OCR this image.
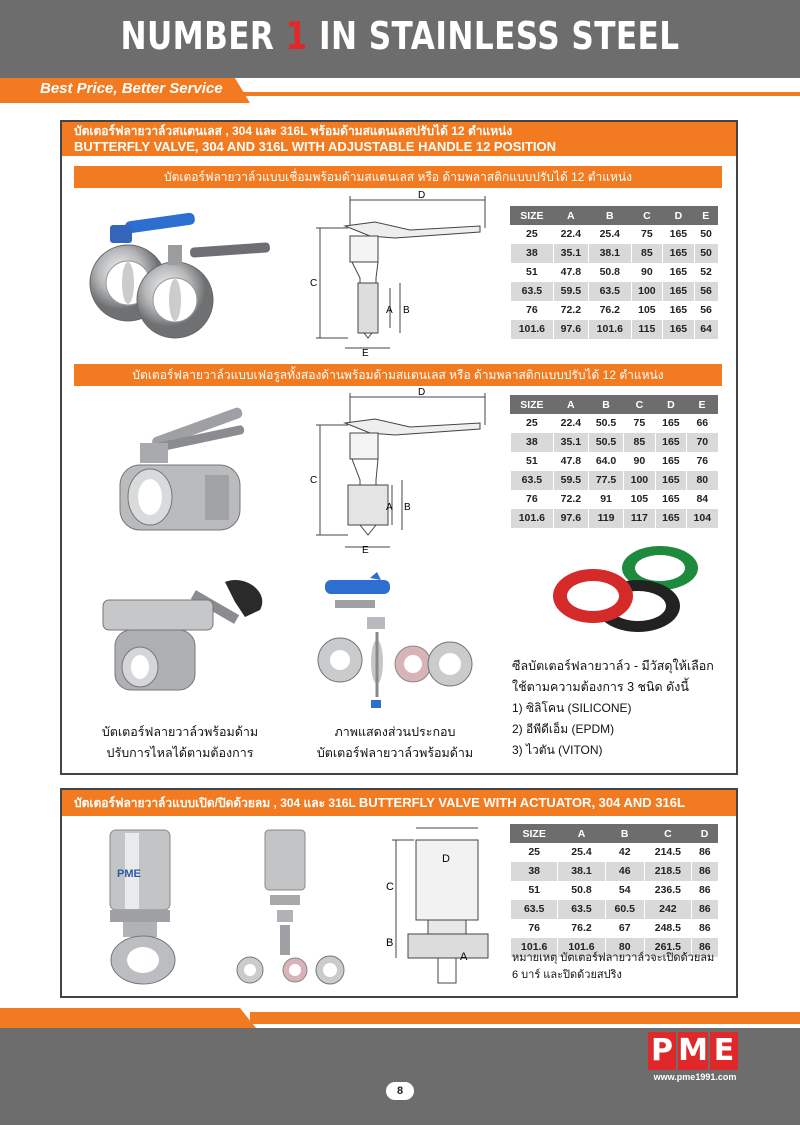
NUMBER 1 IN STAINLESS STEEL
Best Price, Better Service
บัตเตอร์ฟลายวาล์วสแตนเลส , 304 และ 316L พร้อมด้ามสแตนเลสปรับได้ 12 ตำแหน่ง
BUTTERFLY VALVE, 304 AND 316L WITH ADJUSTABLE HANDLE 12 POSITION
บัตเตอร์ฟลายวาล์วแบบเชื่อมพร้อมด้ามสแตนเลส หรือ ด้ามพลาสติกแบบปรับได้ 12 ตำแหน่ง
บัตเตอร์ฟลายวาล์วแบบเฟอรูลทั้งสองด้านพร้อมด้ามสแตนเลส หรือ ด้ามพลาสติกแบบปรับได้ 12 ตำแหน่ง
D
C
A B
E
SIZE	A	B	C	D	E
25	22.4	25.4	75	165	50
38	35.1	38.1	85	165	50
51	47.8	50.8	90	165	52
63.5	59.5	63.5	100	165	56
76	72.2	76.2	105	165	56
101.6	97.6	101.6	115	165	64
D
C
A B
E
SIZE	A	B	C	D	E
25	22.4	50.5	75	165	66
38	35.1	50.5	85	165	70
51	47.8	64.0	90	165	76
63.5	59.5	77.5	100	165	80
76	72.2	91	105	165	84
101.6	97.6	119	117	165	104
บัตเตอร์ฟลายวาล์วพร้อมด้าม
ปรับการไหลได้ตามต้องการ
ภาพแสดงส่วนประกอบ
บัตเตอร์ฟลายวาล์วพร้อมด้าม
ซีลบัตเตอร์ฟลายวาล์ว - มีวัสดุให้เลือก
ใช้ตามความต้องการ 3 ชนิด ดังนี้
1) ซิลิโคน (SILICONE)
2) อีพีดีเอ็ม (EPDM)
3) ไวตัน (VITON)
บัตเตอร์ฟลายวาล์วแบบเปิด/ปิดด้วยลม , 304 และ 316L BUTTERFLY VALVE WITH ACTUATOR, 304 AND 316L
PME
D
C
B
A
SIZE	A	B	C	D
25	25.4	42	214.5	86
38	38.1	46	218.5	86
51	50.8	54	236.5	86
63.5	63.5	60.5	242	86
76	76.2	67	248.5	86
101.6	101.6	80	261.5	86
หมายเหตุ บัตเตอร์ฟลายวาล์วจะเปิดด้วยลม
6 บาร์ และปิดด้วยสปริง
P M E
www.pme1991.com
8
